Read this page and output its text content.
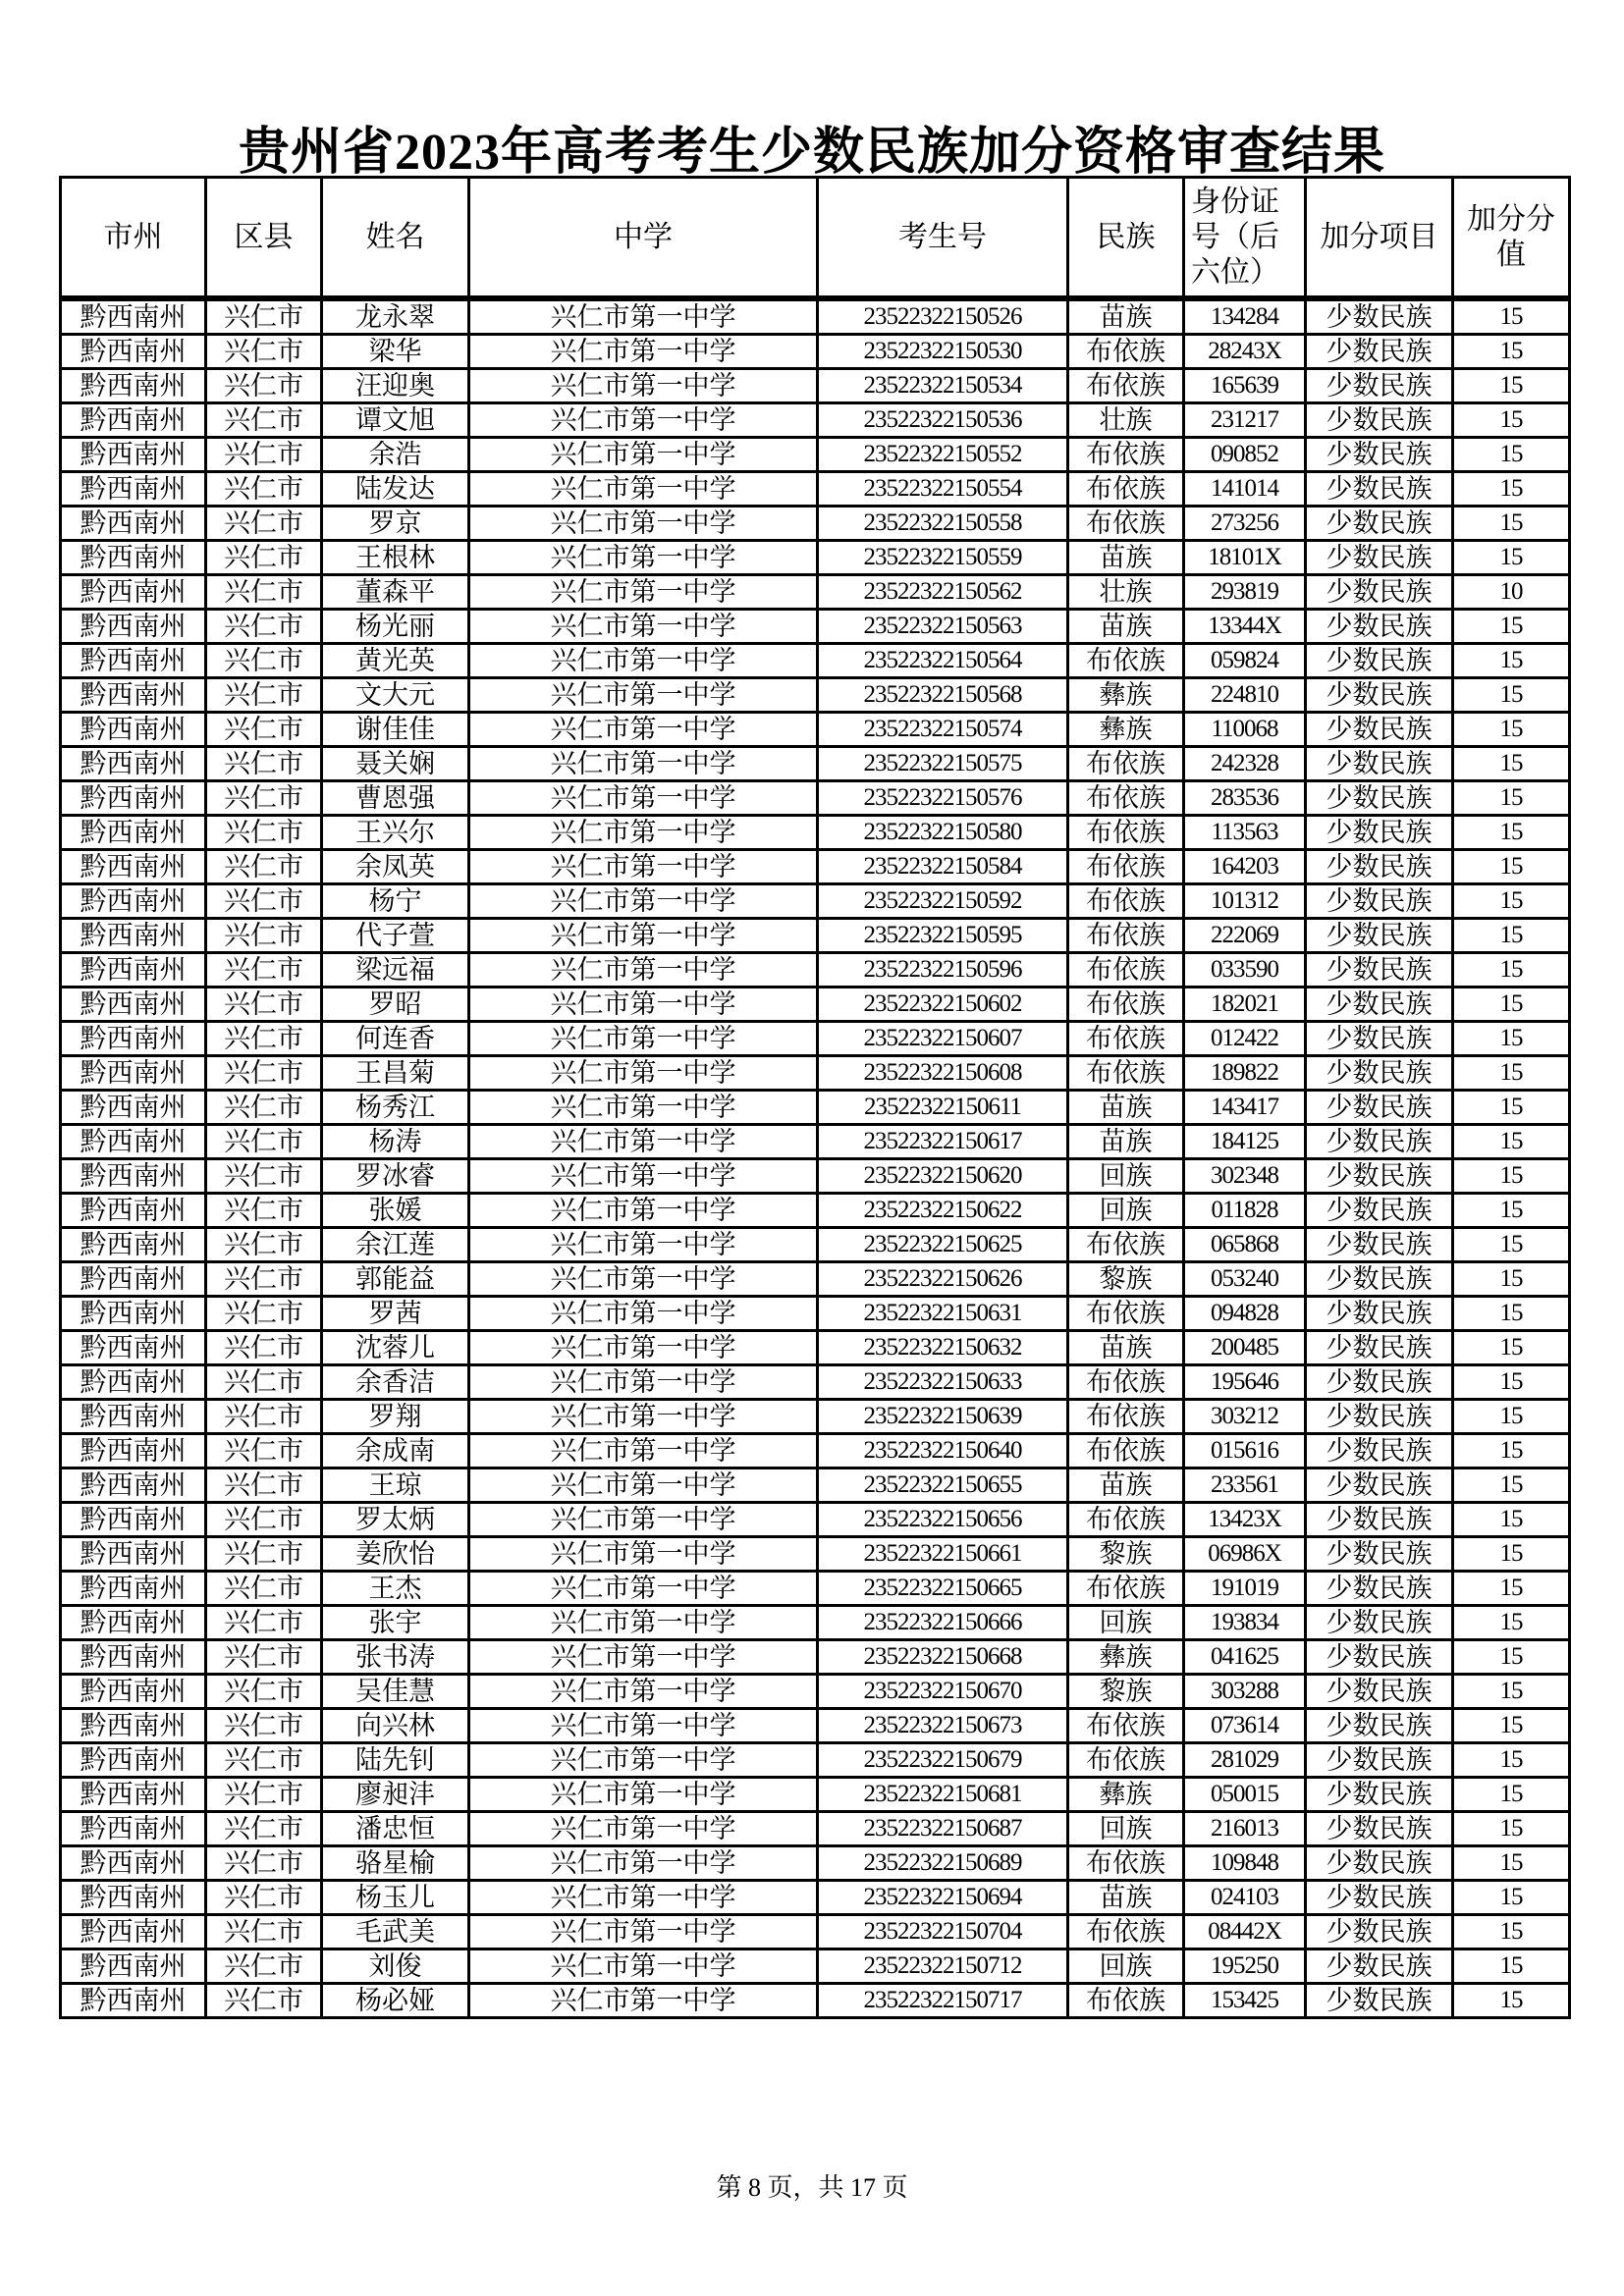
贵州省2023年高考考生少数民族加分资格审查结果
市州	区县	姓名	中学	考生号	民族	身份证号（后六位）	加分项目	加分分值
黔西南州	兴仁市	龙永翠	兴仁市第一中学	23522322150526	苗族	134284	少数民族	15
黔西南州	兴仁市	梁华	兴仁市第一中学	23522322150530	布依族	28243X	少数民族	15
黔西南州	兴仁市	汪迎奥	兴仁市第一中学	23522322150534	布依族	165639	少数民族	15
黔西南州	兴仁市	谭文旭	兴仁市第一中学	23522322150536	壮族	231217	少数民族	15
黔西南州	兴仁市	余浩	兴仁市第一中学	23522322150552	布依族	090852	少数民族	15
黔西南州	兴仁市	陆发达	兴仁市第一中学	23522322150554	布依族	141014	少数民族	15
黔西南州	兴仁市	罗京	兴仁市第一中学	23522322150558	布依族	273256	少数民族	15
黔西南州	兴仁市	王根林	兴仁市第一中学	23522322150559	苗族	18101X	少数民族	15
黔西南州	兴仁市	董森平	兴仁市第一中学	23522322150562	壮族	293819	少数民族	10
黔西南州	兴仁市	杨光丽	兴仁市第一中学	23522322150563	苗族	13344X	少数民族	15
黔西南州	兴仁市	黄光英	兴仁市第一中学	23522322150564	布依族	059824	少数民族	15
黔西南州	兴仁市	文大元	兴仁市第一中学	23522322150568	彝族	224810	少数民族	15
黔西南州	兴仁市	谢佳佳	兴仁市第一中学	23522322150574	彝族	110068	少数民族	15
黔西南州	兴仁市	聂关娴	兴仁市第一中学	23522322150575	布依族	242328	少数民族	15
黔西南州	兴仁市	曹恩强	兴仁市第一中学	23522322150576	布依族	283536	少数民族	15
黔西南州	兴仁市	王兴尔	兴仁市第一中学	23522322150580	布依族	113563	少数民族	15
黔西南州	兴仁市	余凤英	兴仁市第一中学	23522322150584	布依族	164203	少数民族	15
黔西南州	兴仁市	杨宁	兴仁市第一中学	23522322150592	布依族	101312	少数民族	15
黔西南州	兴仁市	代子萱	兴仁市第一中学	23522322150595	布依族	222069	少数民族	15
黔西南州	兴仁市	梁远福	兴仁市第一中学	23522322150596	布依族	033590	少数民族	15
黔西南州	兴仁市	罗昭	兴仁市第一中学	23522322150602	布依族	182021	少数民族	15
黔西南州	兴仁市	何连香	兴仁市第一中学	23522322150607	布依族	012422	少数民族	15
黔西南州	兴仁市	王昌菊	兴仁市第一中学	23522322150608	布依族	189822	少数民族	15
黔西南州	兴仁市	杨秀江	兴仁市第一中学	23522322150611	苗族	143417	少数民族	15
黔西南州	兴仁市	杨涛	兴仁市第一中学	23522322150617	苗族	184125	少数民族	15
黔西南州	兴仁市	罗冰睿	兴仁市第一中学	23522322150620	回族	302348	少数民族	15
黔西南州	兴仁市	张媛	兴仁市第一中学	23522322150622	回族	011828	少数民族	15
黔西南州	兴仁市	余江莲	兴仁市第一中学	23522322150625	布依族	065868	少数民族	15
黔西南州	兴仁市	郭能益	兴仁市第一中学	23522322150626	黎族	053240	少数民族	15
黔西南州	兴仁市	罗茜	兴仁市第一中学	23522322150631	布依族	094828	少数民族	15
黔西南州	兴仁市	沈蓉儿	兴仁市第一中学	23522322150632	苗族	200485	少数民族	15
黔西南州	兴仁市	余香洁	兴仁市第一中学	23522322150633	布依族	195646	少数民族	15
黔西南州	兴仁市	罗翔	兴仁市第一中学	23522322150639	布依族	303212	少数民族	15
黔西南州	兴仁市	余成南	兴仁市第一中学	23522322150640	布依族	015616	少数民族	15
黔西南州	兴仁市	王琼	兴仁市第一中学	23522322150655	苗族	233561	少数民族	15
黔西南州	兴仁市	罗太炳	兴仁市第一中学	23522322150656	布依族	13423X	少数民族	15
黔西南州	兴仁市	姜欣怡	兴仁市第一中学	23522322150661	黎族	06986X	少数民族	15
黔西南州	兴仁市	王杰	兴仁市第一中学	23522322150665	布依族	191019	少数民族	15
黔西南州	兴仁市	张宇	兴仁市第一中学	23522322150666	回族	193834	少数民族	15
黔西南州	兴仁市	张书涛	兴仁市第一中学	23522322150668	彝族	041625	少数民族	15
黔西南州	兴仁市	吴佳慧	兴仁市第一中学	23522322150670	黎族	303288	少数民族	15
黔西南州	兴仁市	向兴林	兴仁市第一中学	23522322150673	布依族	073614	少数民族	15
黔西南州	兴仁市	陆先钊	兴仁市第一中学	23522322150679	布依族	281029	少数民族	15
黔西南州	兴仁市	廖昶沣	兴仁市第一中学	23522322150681	彝族	050015	少数民族	15
黔西南州	兴仁市	潘忠恒	兴仁市第一中学	23522322150687	回族	216013	少数民族	15
黔西南州	兴仁市	骆星榆	兴仁市第一中学	23522322150689	布依族	109848	少数民族	15
黔西南州	兴仁市	杨玉儿	兴仁市第一中学	23522322150694	苗族	024103	少数民族	15
黔西南州	兴仁市	毛武美	兴仁市第一中学	23522322150704	布依族	08442X	少数民族	15
黔西南州	兴仁市	刘俊	兴仁市第一中学	23522322150712	回族	195250	少数民族	15
黔西南州	兴仁市	杨必娅	兴仁市第一中学	23522322150717	布依族	153425	少数民族	15
第 8 页，共 17 页
